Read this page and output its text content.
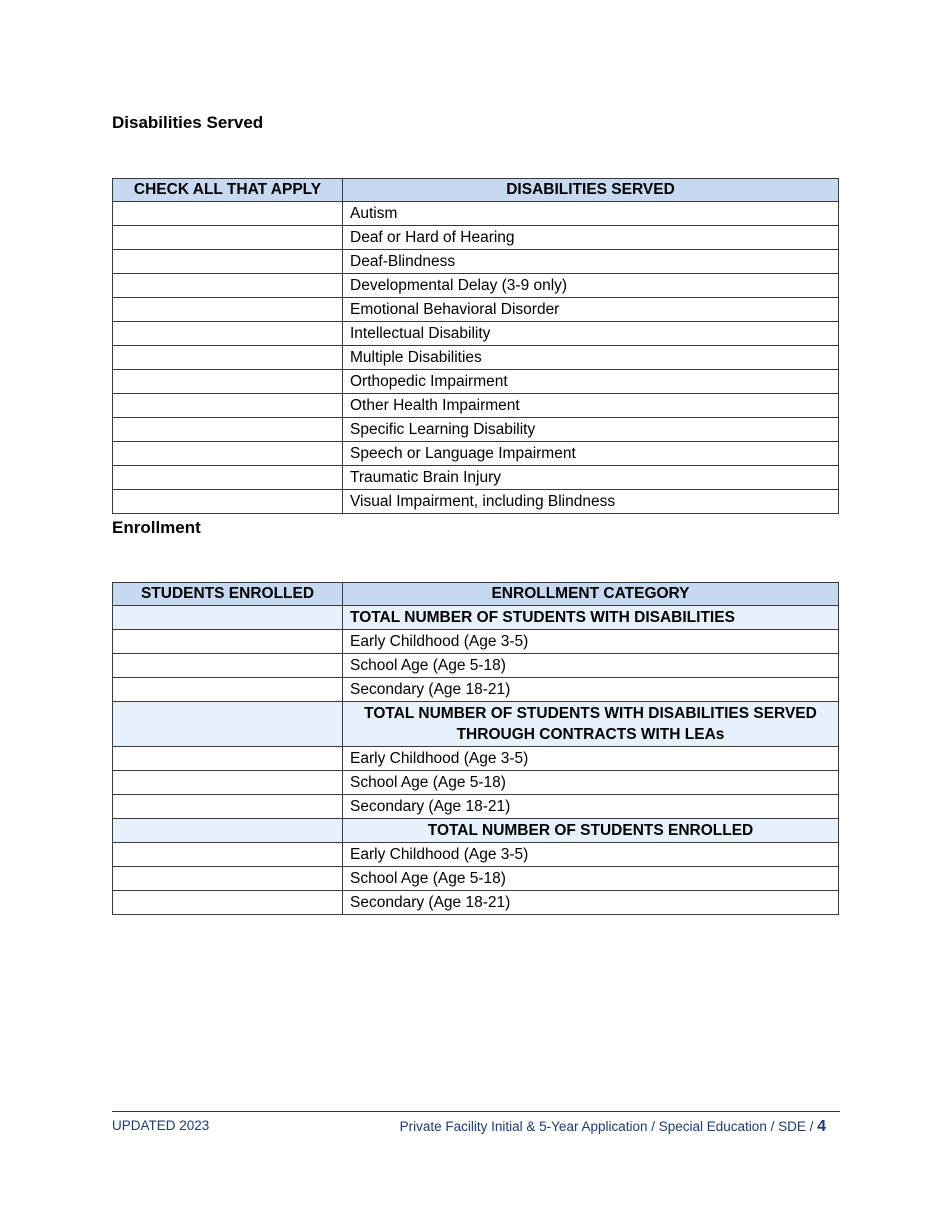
Disabilities Served
CHECK ALL THAT APPLY	DISABILITIES SERVED
	Autism
	Deaf or Hard of Hearing
	Deaf-Blindness
	Developmental Delay (3-9 only)
	Emotional Behavioral Disorder
	Intellectual Disability
	Multiple Disabilities
	Orthopedic Impairment
	Other Health Impairment
	Specific Learning Disability
	Speech or Language Impairment
	Traumatic Brain Injury
	Visual Impairment, including Blindness
Enrollment
STUDENTS ENROLLED	ENROLLMENT CATEGORY
	TOTAL NUMBER OF STUDENTS WITH DISABILITIES
	Early Childhood (Age 3-5)
	School Age (Age 5-18)
	Secondary (Age 18-21)
	TOTAL NUMBER OF STUDENTS WITH DISABILITIES SERVED THROUGH CONTRACTS WITH LEAs
	Early Childhood (Age 3-5)
	School Age (Age 5-18)
	Secondary (Age 18-21)
	TOTAL NUMBER OF STUDENTS ENROLLED
	Early Childhood (Age 3-5)
	School Age (Age 5-18)
	Secondary (Age 18-21)
UPDATED 2023	Private Facility Initial & 5-Year Application / Special Education / SDE / 4
